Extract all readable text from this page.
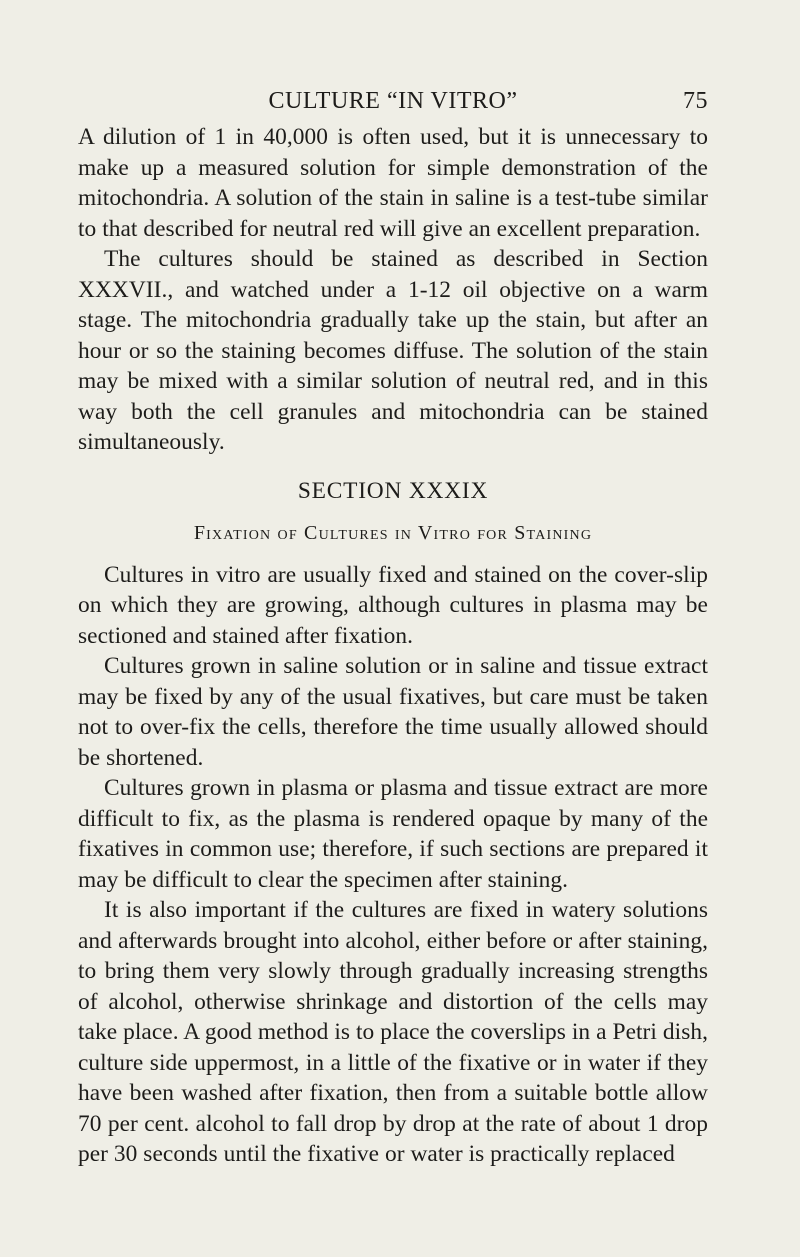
CULTURE “IN VITRO”	75

A dilution of 1 in 40,000 is often used, but it is unnecessary to make up a measured solution for simple demonstration of the mitochondria. A solution of the stain in saline is a test-tube similar to that described for neutral red will give an excellent preparation.

The cultures should be stained as described in Section XXXVII., and watched under a 1-12 oil objective on a warm stage. The mitochondria gradually take up the stain, but after an hour or so the staining becomes diffuse. The solution of the stain may be mixed with a similar solution of neutral red, and in this way both the cell granules and mitochondria can be stained simultaneously.

SECTION XXXIX
Fixation of Cultures in Vitro for Staining

Cultures in vitro are usually fixed and stained on the cover-slip on which they are growing, although cultures in plasma may be sectioned and stained after fixation.

Cultures grown in saline solution or in saline and tissue extract may be fixed by any of the usual fixatives, but care must be taken not to over-fix the cells, therefore the time usually allowed should be shortened.

Cultures grown in plasma or plasma and tissue extract are more difficult to fix, as the plasma is rendered opaque by many of the fixatives in common use; therefore, if such sections are prepared it may be difficult to clear the specimen after staining.

It is also important if the cultures are fixed in watery solutions and afterwards brought into alcohol, either before or after staining, to bring them very slowly through gradually increasing strengths of alcohol, otherwise shrinkage and distortion of the cells may take place. A good method is to place the coverslips in a Petri dish, culture side uppermost, in a little of the fixative or in water if they have been washed after fixation, then from a suitable bottle allow 70 per cent. alcohol to fall drop by drop at the rate of about 1 drop per 30 seconds until the fixative or water is practically replaced
